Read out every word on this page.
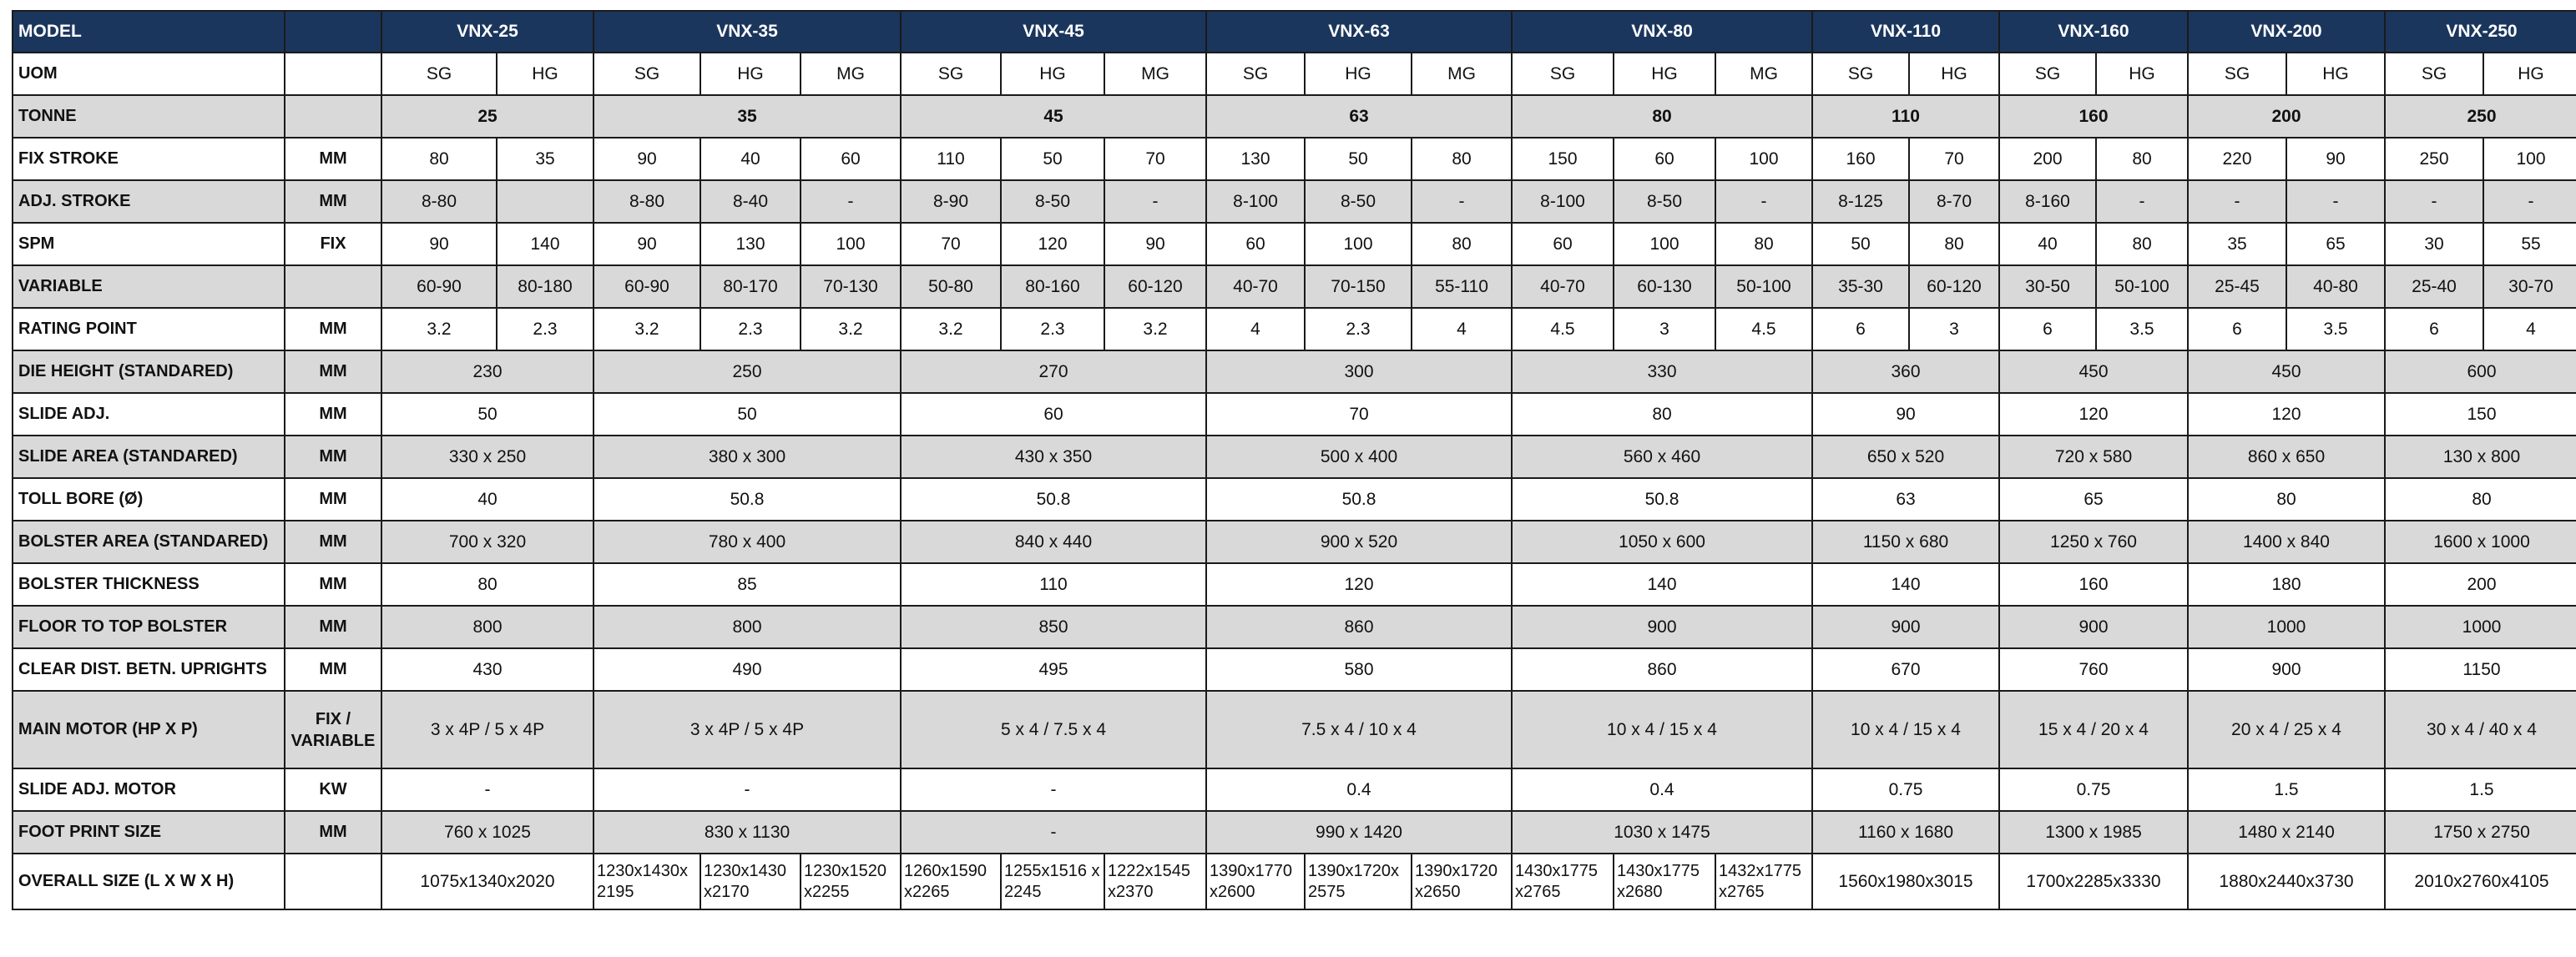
MODEL		VNX-25		VNX-35			VNX-45			VNX-63			VNX-80			VNX-110		VNX-160		VNX-200		VNX-250	
UOM		SG	HG	SG	HG	MG	SG	HG	MG	SG	HG	MG	SG	HG	MG	SG	HG	SG	HG	SG	HG	SG	HG
TONNE		25		35			45			63			80			110		160		200		250	
FIX STROKE	MM	80	35	90	40	60	110	50	70	130	50	80	150	60	100	160	70	200	80	220	90	250	100
ADJ. STROKE	MM	8-80		8-80	8-40	-	8-90	8-50	-	8-100	8-50	-	8-100	8-50	-	8-125	8-70	8-160	-	-	-	-	-
SPM	FIX	90	140	90	130	100	70	120	90	60	100	80	60	100	80	50	80	40	80	35	65	30	55
VARIABLE		60-90	80-180	60-90	80-170	70-130	50-80	80-160	60-120	40-70	70-150	55-110	40-70	60-130	50-100	35-30	60-120	30-50	50-100	25-45	40-80	25-40	30-70
RATING POINT	MM	3.2	2.3	3.2	2.3	3.2	3.2	2.3	3.2	4	2.3	4	4.5	3	4.5	6	3	6	3.5	6	3.5	6	4
DIE HEIGHT (STANDARED)	MM	230		250			270			300			330			360		450		450		600	
SLIDE ADJ.	MM	50		50			60			70			80			90		120		120		150	
SLIDE AREA (STANDARED)	MM	330 x 250		380 x 300			430 x 350			500 x 400			560 x 460			650 x 520		720 x 580		860 x 650		130 x 800	
TOLL BORE (Ø)	MM	40		50.8			50.8			50.8			50.8			63		65		80		80	
BOLSTER AREA (STANDARED)	MM	700 x 320		780 x 400			840 x 440			900 x 520			1050 x 600			1150 x 680		1250 x 760		1400 x 840		1600 x 1000	
BOLSTER THICKNESS	MM	80		85			110			120			140			140		160		180		200	
FLOOR TO TOP BOLSTER	MM	800		800			850			860			900			900		900		1000		1000	
CLEAR DIST. BETN. UPRIGHTS	MM	430		490			495			580			860			670		760		900		1150	
MAIN MOTOR (HP X P)	FIX / VARIABLE	3 x 4P / 5 x 4P		3 x 4P / 5 x 4P			5 x 4 / 7.5 x 4			7.5 x 4 / 10 x 4			10 x 4 / 15 x 4			10 x 4 / 15 x 4		15 x 4 / 20 x 4		20 x 4 / 25 x 4		30 x 4 / 40 x 4	
SLIDE ADJ. MOTOR	KW	-		-			-			0.4			0.4			0.75		0.75		1.5		1.5	
FOOT PRINT SIZE	MM	760 x 1025		830 x 1130			-			990 x 1420			1030 x 1475			1160 x 1680		1300 x 1985		1480 x 2140		1750 x 2750	
OVERALL SIZE (L X W X H)		1075x1340x2020		1230x1430x 2195	1230x1430 x2170	1230x1520 x2255	1260x1590 x2265	1255x1516 x2245	1222x1545 x2370	1390x1770 x2600	1390x1720x 2575	1390x1720 x2650	1430x1775 x2765	1430x1775 x2680	1432x1775 x2765	1560x1980x3015		1700x2285x3330		1880x2440x3730		2010x2760x4105	
